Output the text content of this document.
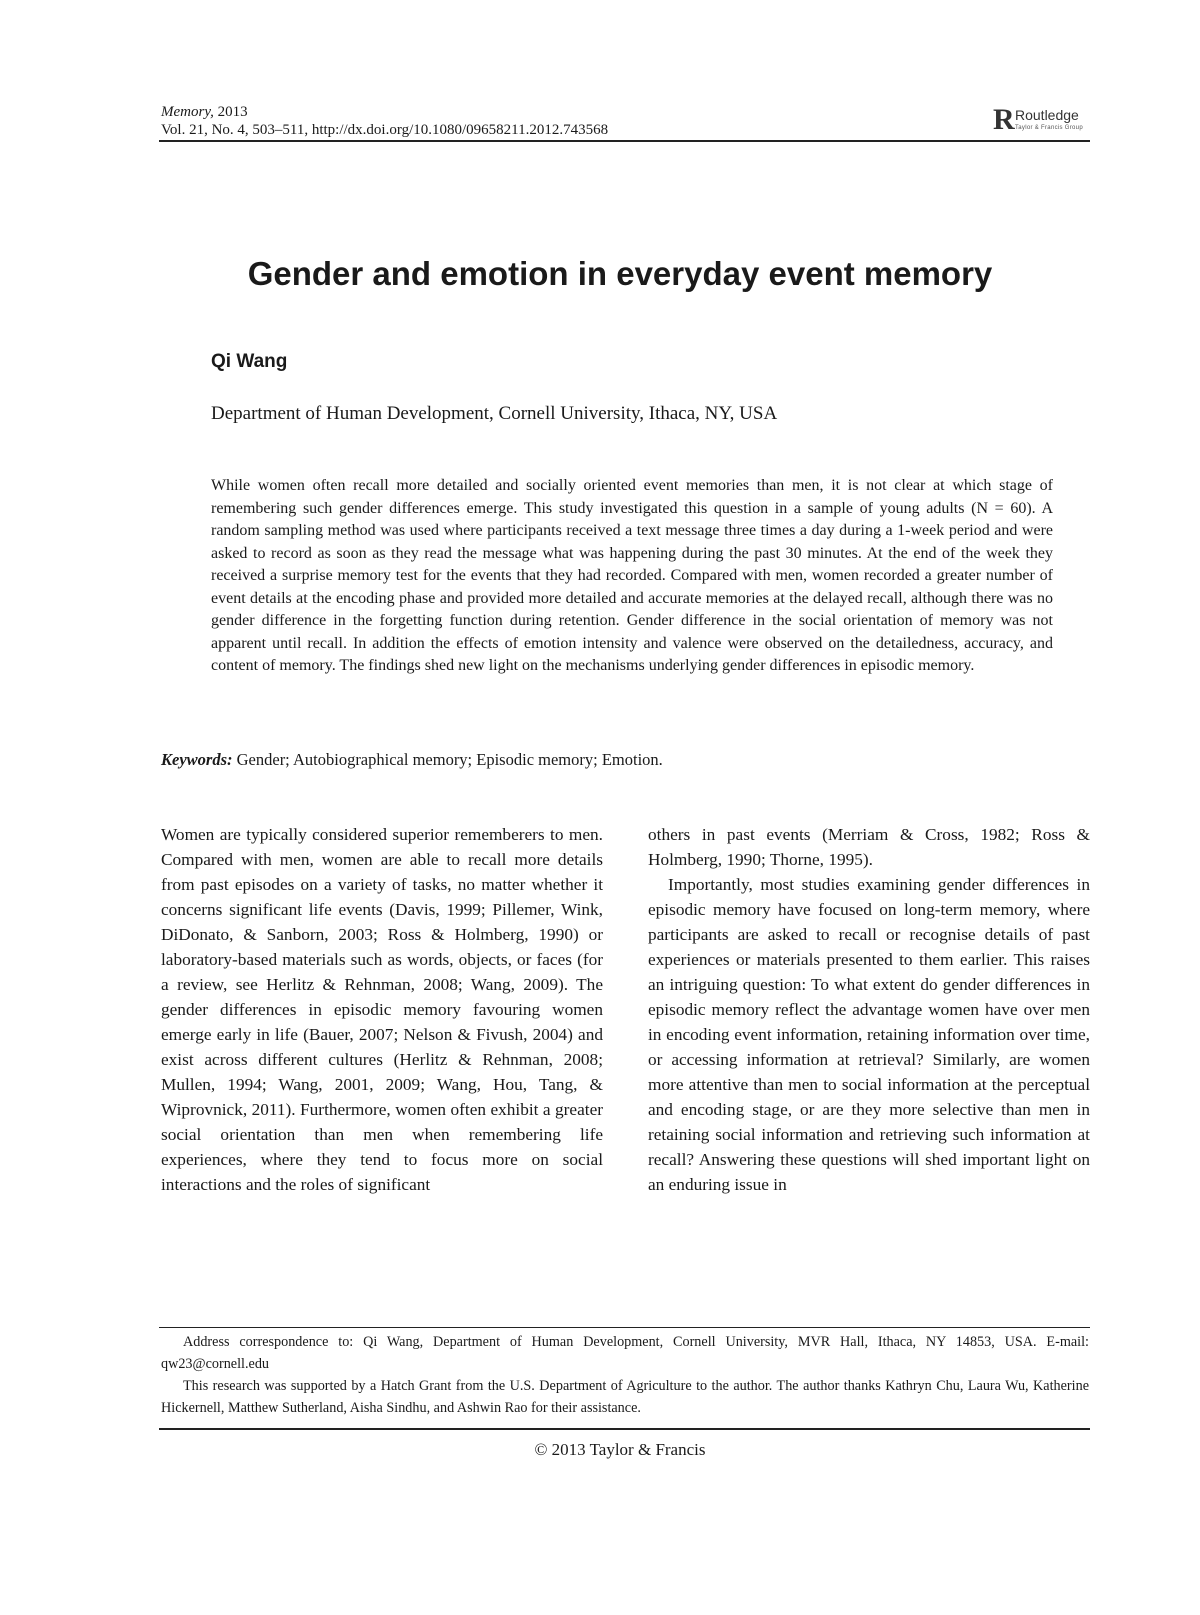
Memory, 2013
Vol. 21, No. 4, 503–511, http://dx.doi.org/10.1080/09658211.2012.743568	R Routledge
Taylor & Francis Group
Gender and emotion in everyday event memory
Qi Wang
Department of Human Development, Cornell University, Ithaca, NY, USA
While women often recall more detailed and socially oriented event memories than men, it is not clear at which stage of remembering such gender differences emerge. This study investigated this question in a sample of young adults (N = 60). A random sampling method was used where participants received a text message three times a day during a 1-week period and were asked to record as soon as they read the message what was happening during the past 30 minutes. At the end of the week they received a surprise memory test for the events that they had recorded. Compared with men, women recorded a greater number of event details at the encoding phase and provided more detailed and accurate memories at the delayed recall, although there was no gender difference in the forgetting function during retention. Gender difference in the social orientation of memory was not apparent until recall. In addition the effects of emotion intensity and valence were observed on the detailedness, accuracy, and content of memory. The findings shed new light on the mechanisms underlying gender differences in episodic memory.
Keywords: Gender; Autobiographical memory; Episodic memory; Emotion.

Women are typically considered superior rememberers to men. Compared with men, women are able to recall more details from past episodes on a variety of tasks, no matter whether it concerns significant life events (Davis, 1999; Pillemer, Wink, DiDonato, & Sanborn, 2003; Ross & Holmberg, 1990) or laboratory-based materials such as words, objects, or faces (for a review, see Herlitz & Rehnman, 2008; Wang, 2009). The gender differences in episodic memory favouring women emerge early in life (Bauer, 2007; Nelson & Fivush, 2004) and exist across different cultures (Herlitz & Rehnman, 2008; Mullen, 1994; Wang, 2001, 2009; Wang, Hou, Tang, & Wiprovnick, 2011). Furthermore, women often exhibit a greater social orientation than men when remembering life experiences, where they tend to focus more on social interactions and the roles of significant

others in past events (Merriam & Cross, 1982; Ross & Holmberg, 1990; Thorne, 1995).

Importantly, most studies examining gender differences in episodic memory have focused on long-term memory, where participants are asked to recall or recognise details of past experiences or materials presented to them earlier. This raises an intriguing question: To what extent do gender differences in episodic memory reflect the advantage women have over men in encoding event information, retaining information over time, or accessing information at retrieval? Similarly, are women more attentive than men to social information at the perceptual and encoding stage, or are they more selective than men in retaining social information and retrieving such information at recall? Answering these questions will shed important light on an enduring issue in

Address correspondence to: Qi Wang, Department of Human Development, Cornell University, MVR Hall, Ithaca, NY 14853, USA. E-mail: qw23@cornell.edu

This research was supported by a Hatch Grant from the U.S. Department of Agriculture to the author. The author thanks Kathryn Chu, Laura Wu, Katherine Hickernell, Matthew Sutherland, Aisha Sindhu, and Ashwin Rao for their assistance.

© 2013 Taylor & Francis
